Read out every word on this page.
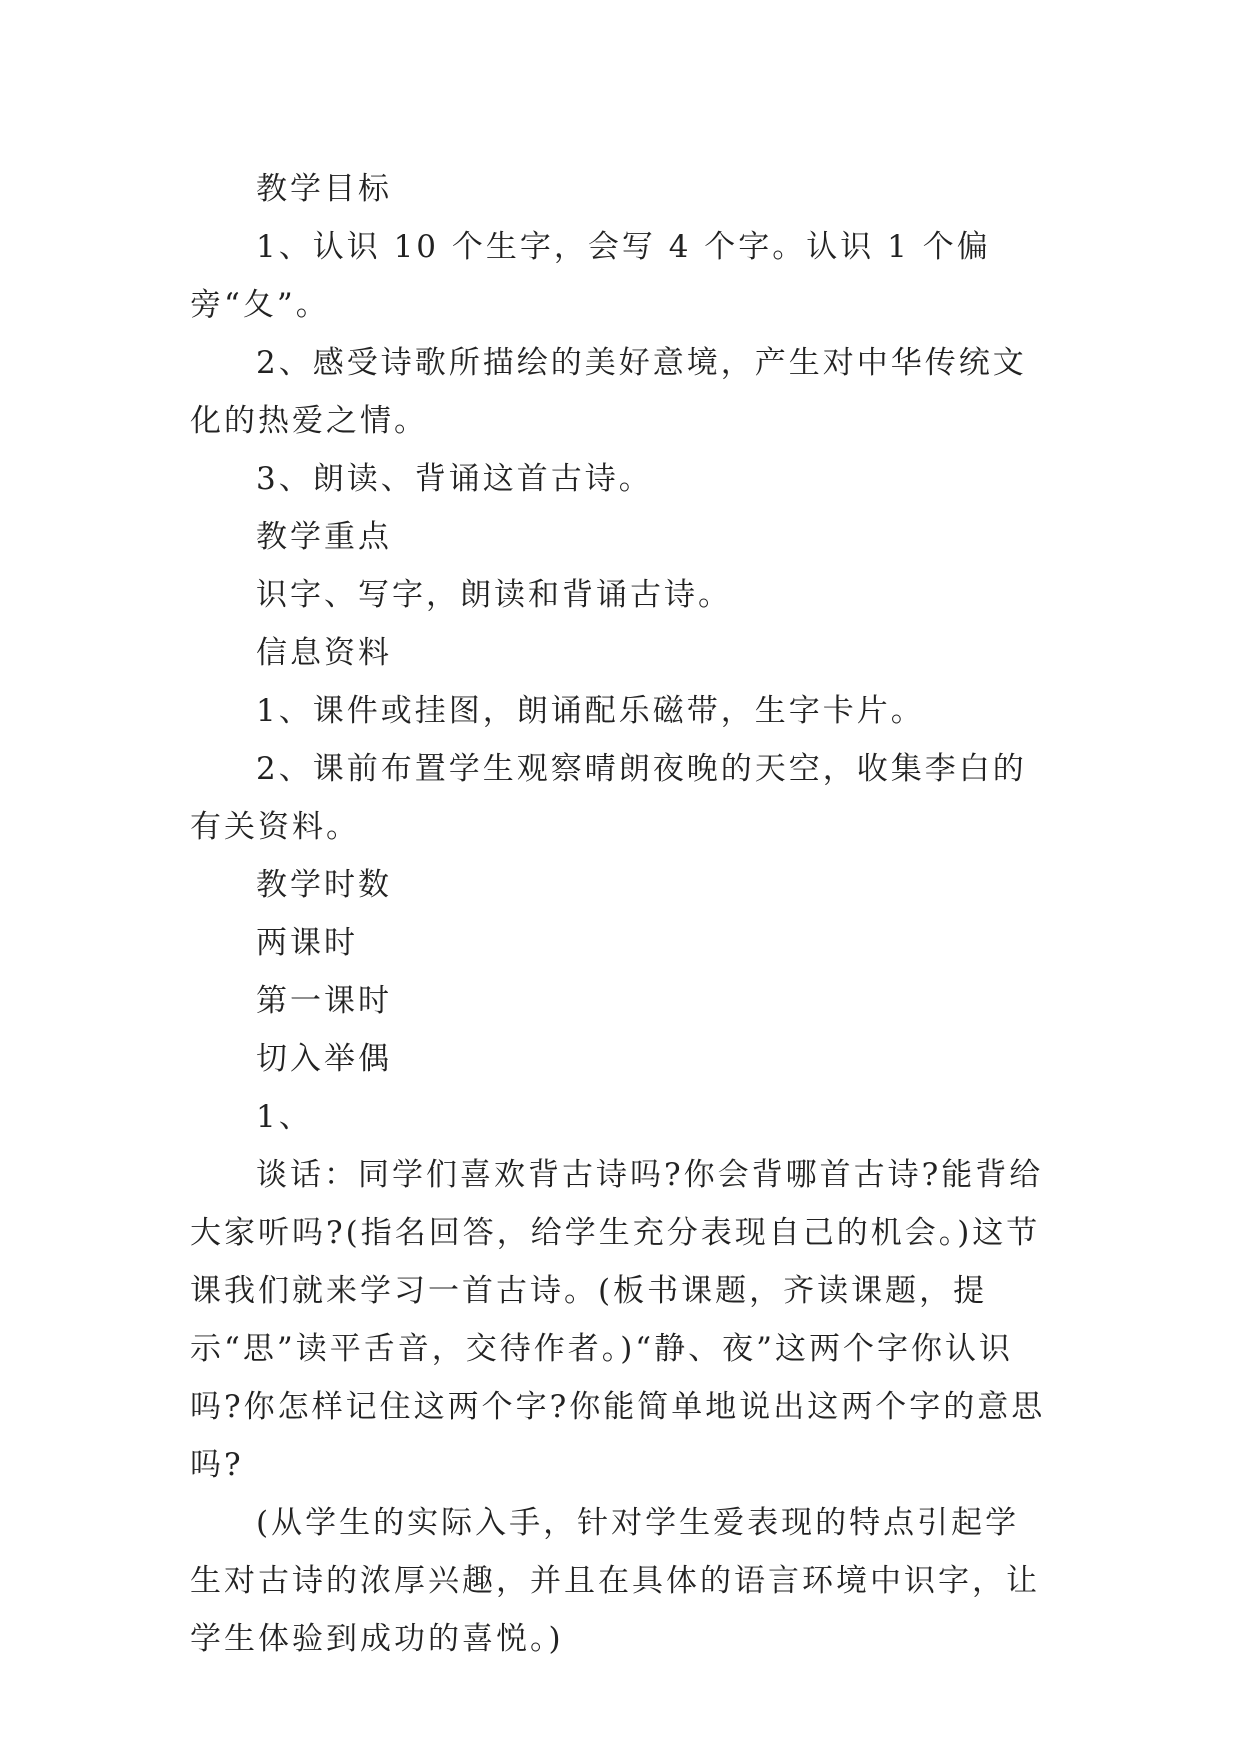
教学目标

1、认识 10 个生字，会写 4 个字。认识 1 个偏旁“夂”。

2、感受诗歌所描绘的美好意境，产生对中华传统文化的热爱之情。

3、朗读、背诵这首古诗。

教学重点

识字、写字，朗读和背诵古诗。

信息资料

1、课件或挂图，朗诵配乐磁带，生字卡片。

2、课前布置学生观察晴朗夜晚的天空，收集李白的有关资料。

教学时数

两课时

第一课时

切入举偶

1、

谈话：同学们喜欢背古诗吗?你会背哪首古诗?能背给大家听吗?(指名回答，给学生充分表现自己的机会。)这节课我们就来学习一首古诗。(板书课题，齐读课题，提示“思”读平舌音，交待作者。)“静、夜”这两个字你认识吗?你怎样记住这两个字?你能简单地说出这两个字的意思吗?

(从学生的实际入手，针对学生爱表现的特点引起学生对古诗的浓厚兴趣，并且在具体的语言环境中识字，让学生体验到成功的喜悦。)
